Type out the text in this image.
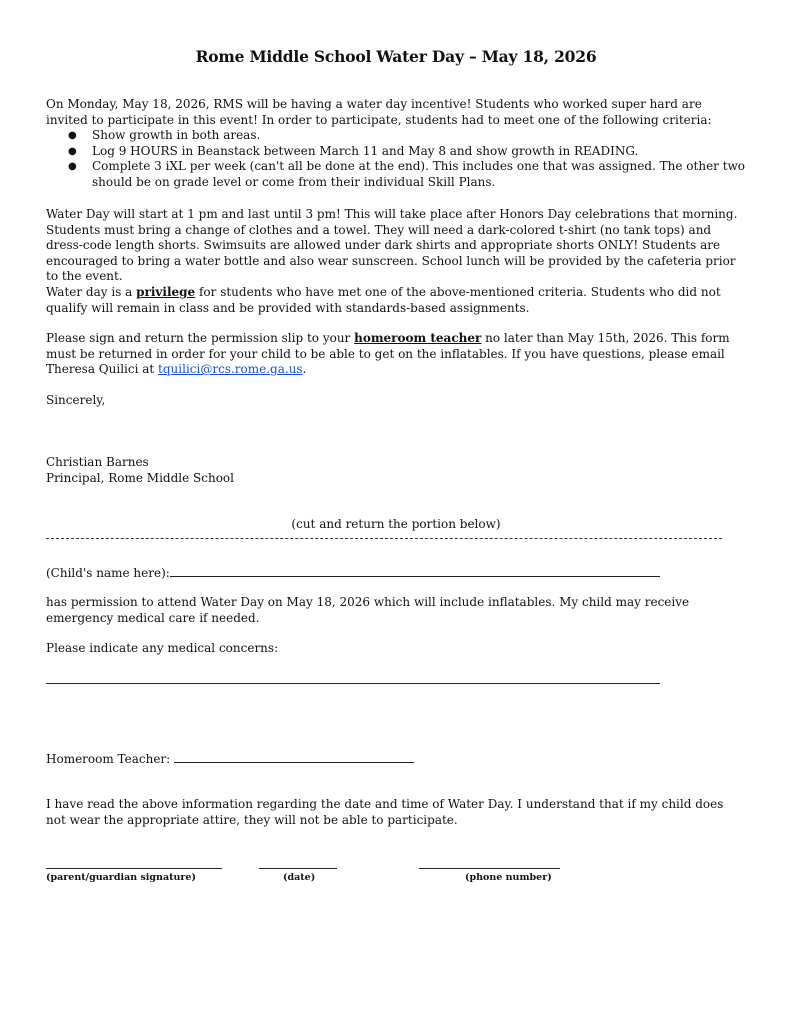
Rome Middle School Water Day – May 18, 2026

On Monday, May 18, 2026, RMS will be having a water day incentive! Students who worked super hard are invited to participate in this event! In order to participate, students had to meet one of the following criteria:

● Show growth in both areas.
● Log 9 HOURS in Beanstack between March 11 and May 8 and show growth in READING.
● Complete 3 iXL per week (can't all be done at the end). This includes one that was assigned. The other two should be on grade level or come from their individual Skill Plans.

Water Day will start at 1 pm and last until 3 pm! This will take place after Honors Day celebrations that morning. Students must bring a change of clothes and a towel. They will need a dark-colored t-shirt (no tank tops) and dress-code length shorts. Swimsuits are allowed under dark shirts and appropriate shorts ONLY! Students are encouraged to bring a water bottle and also wear sunscreen. School lunch will be provided by the cafeteria prior to the event.

Water day is a privilege for students who have met one of the above-mentioned criteria. Students who did not qualify will remain in class and be provided with standards-based assignments.

Please sign and return the permission slip to your homeroom teacher no later than May 15th, 2026. This form must be returned in order for your child to be able to get on the inflatables. If you have questions, please email Theresa Quilici at tquilici@rcs.rome.ga.us.

Sincerely,

Christian Barnes

Principal, Rome Middle School

(cut and return the portion below)

(Child's name here):

has permission to attend Water Day on May 18, 2026 which will include inflatables. My child may receive emergency medical care if needed.

Please indicate any medical concerns:

Homeroom Teacher:

I have read the above information regarding the date and time of Water Day. I understand that if my child does not wear the appropriate attire, they will not be able to participate.

(parent/guardian signature)	(date)	(phone number)
